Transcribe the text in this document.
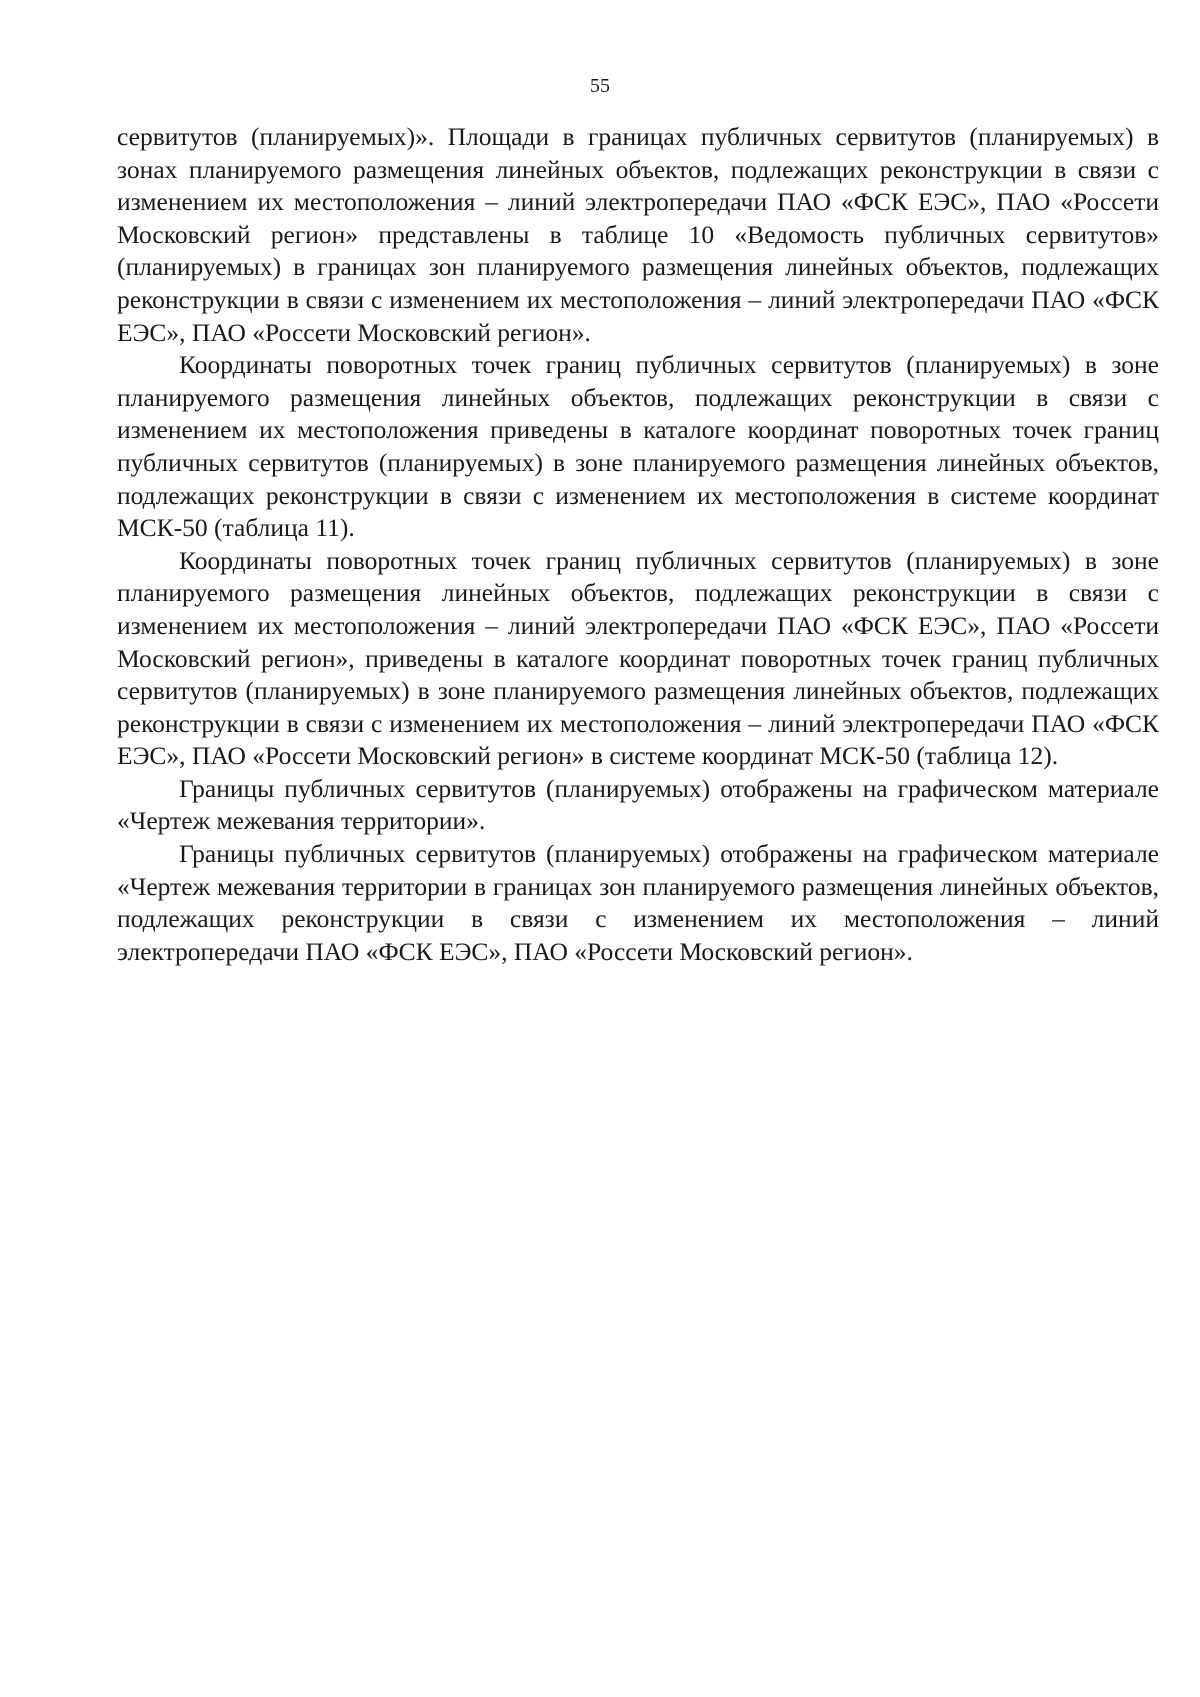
55

сервитутов (планируемых)». Площади в границах публичных сервитутов (планируемых) в зонах планируемого размещения линейных объектов, подлежащих реконструкции в связи с изменением их местоположения – линий электропередачи ПАО «ФСК ЕЭС», ПАО «Россети Московский регион» представлены в таблице 10 «Ведомость публичных сервитутов» (планируемых) в границах зон планируемого размещения линейных объектов, подлежащих реконструкции в связи с изменением их местоположения – линий электропередачи ПАО «ФСК ЕЭС», ПАО «Россети Московский регион».

Координаты поворотных точек границ публичных сервитутов (планируемых) в зоне планируемого размещения линейных объектов, подлежащих реконструкции в связи с изменением их местоположения приведены в каталоге координат поворотных точек границ публичных сервитутов (планируемых) в зоне планируемого размещения линейных объектов, подлежащих реконструкции в связи с изменением их местоположения в системе координат МСК-50 (таблица 11).

Координаты поворотных точек границ публичных сервитутов (планируемых) в зоне планируемого размещения линейных объектов, подлежащих реконструкции в связи с изменением их местоположения – линий электропередачи ПАО «ФСК ЕЭС», ПАО «Россети Московский регион», приведены в каталоге координат поворотных точек границ публичных сервитутов (планируемых) в зоне планируемого размещения линейных объектов, подлежащих реконструкции в связи с изменением их местоположения – линий электропередачи ПАО «ФСК ЕЭС», ПАО «Россети Московский регион» в системе координат МСК-50 (таблица 12).

Границы публичных сервитутов (планируемых) отображены на графическом материале «Чертеж межевания территории».

Границы публичных сервитутов (планируемых) отображены на графическом материале «Чертеж межевания территории в границах зон планируемого размещения линейных объектов, подлежащих реконструкции в связи с изменением их местоположения – линий электропередачи ПАО «ФСК ЕЭС», ПАО «Россети Московский регион».
